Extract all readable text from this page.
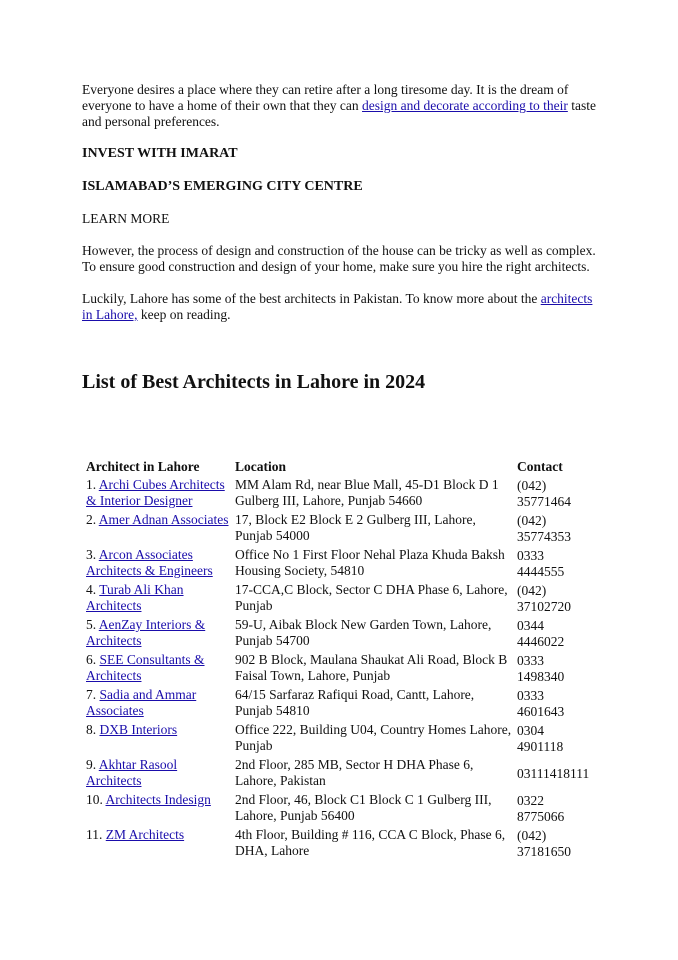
Everyone desires a place where they can retire after a long tiresome day. It is the dream of everyone to have a home of their own that they can design and decorate according to their taste and personal preferences.

INVEST WITH IMARAT
ISLAMABAD’S EMERGING CITY CENTRE
LEARN MORE

However, the process of design and construction of the house can be tricky as well as complex. To ensure good construction and design of your home, make sure you hire the right architects.

Luckily, Lahore has some of the best architects in Pakistan. To know more about the architects in Lahore, keep on reading.

List of Best Architects in Lahore in 2024
Architect in Lahore	Location	Contact
1. Archi Cubes Architects & Interior Designer	MM Alam Rd, near Blue Mall, 45-D1 Block D 1 Gulberg III, Lahore, Punjab 54660	(042) 35771464
2. Amer Adnan Associates	17, Block E2 Block E 2 Gulberg III, Lahore, Punjab 54000	(042) 35774353
3. Arcon Associates Architects & Engineers	Office No 1 First Floor Nehal Plaza Khuda Baksh Housing Society, 54810	0333 4444555
4. Turab Ali Khan Architects	17-CCA,C Block, Sector C DHA Phase 6, Lahore, Punjab	(042) 37102720
5. AenZay Interiors & Architects	59-U, Aibak Block New Garden Town, Lahore, Punjab 54700	0344 4446022
6. SEE Consultants & Architects	902 B Block, Maulana Shaukat Ali Road, Block B Faisal Town, Lahore, Punjab	0333 1498340
7. Sadia and Ammar Associates	64/15 Sarfaraz Rafiqui Road, Cantt, Lahore, Punjab 54810	0333 4601643
8. DXB Interiors	Office 222, Building U04, Country Homes Lahore, Punjab	0304 4901118
9. Akhtar Rasool Architects	2nd Floor, 285 MB, Sector H DHA Phase 6, Lahore, Pakistan	03111418111
10. Architects Indesign	2nd Floor, 46, Block C1 Block C 1 Gulberg III, Lahore, Punjab 56400	0322 8775066
11. ZM Architects	4th Floor, Building # 116, CCA C Block, Phase 6, DHA, Lahore	(042) 37181650
